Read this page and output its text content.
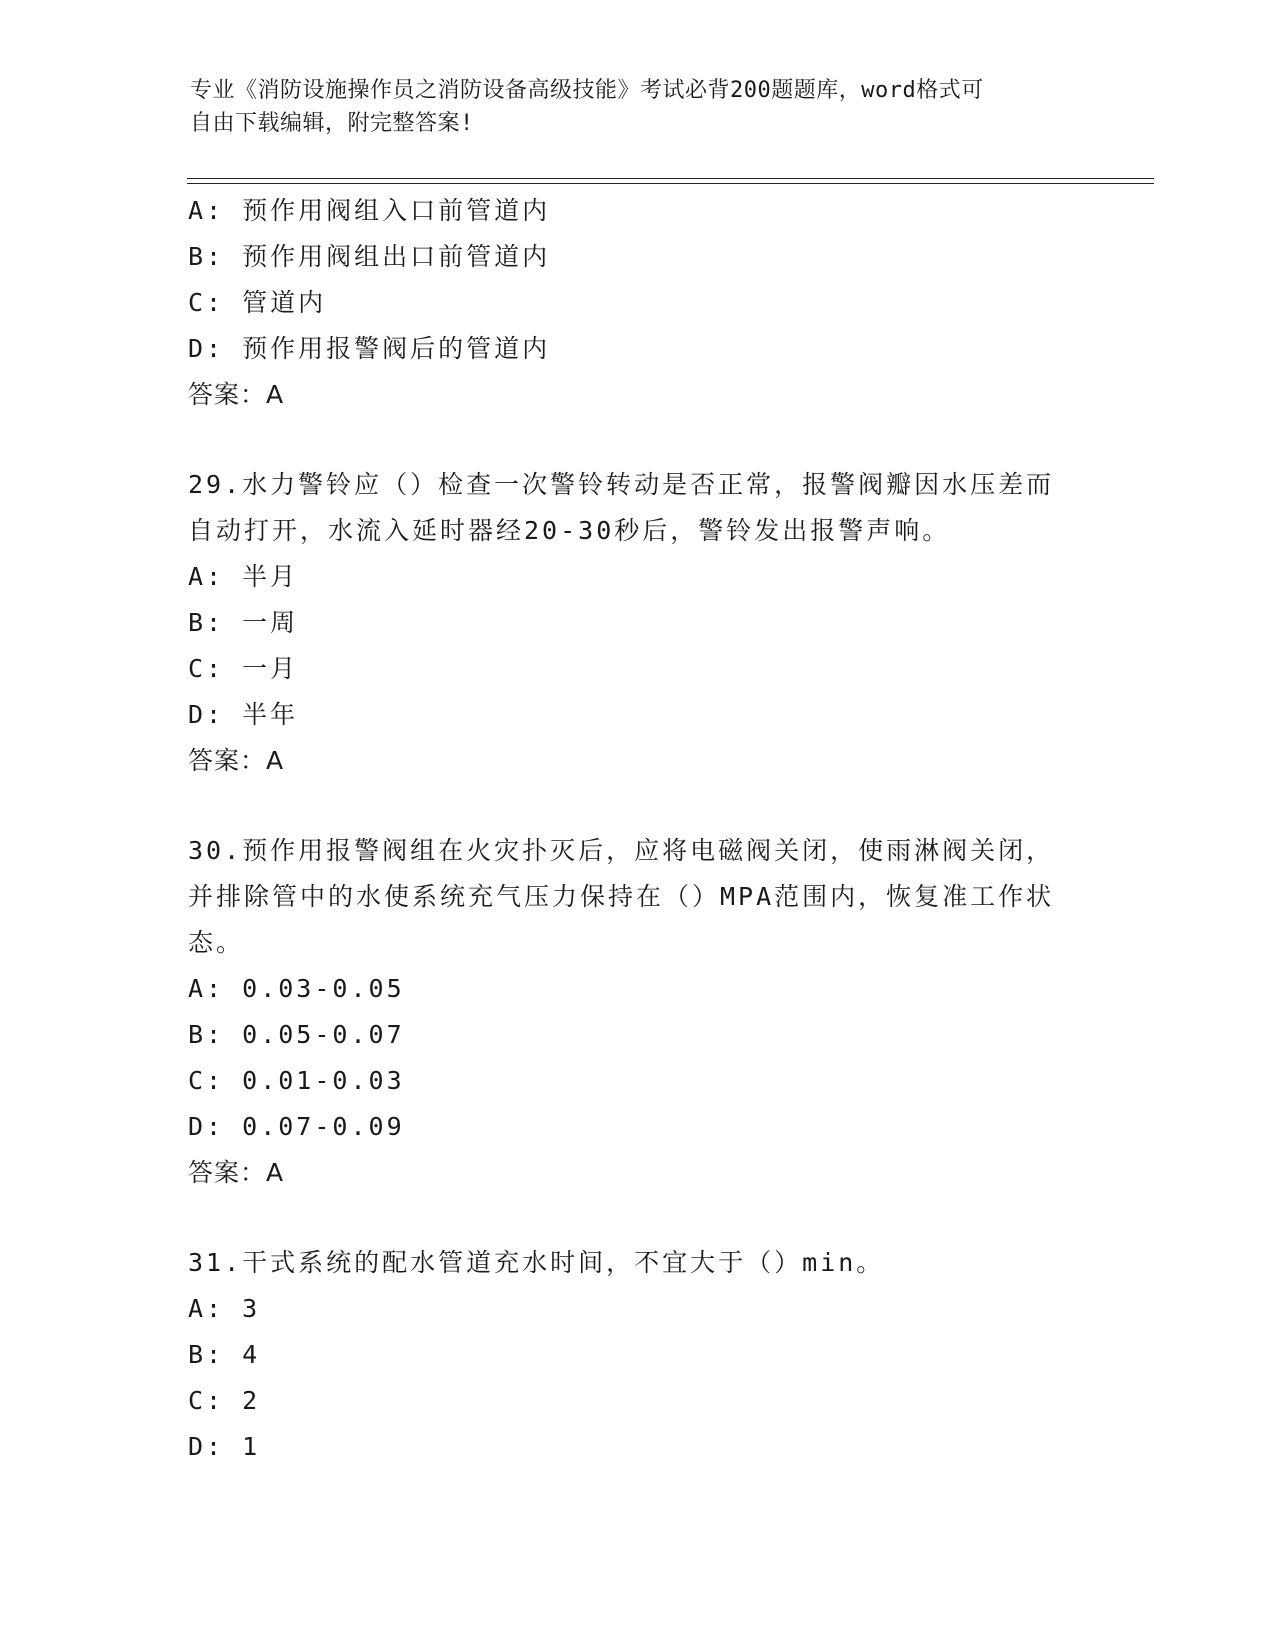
专业《消防设施操作员之消防设备高级技能》考试必背200题题库，word格式可
自由下载编辑，附完整答案!
A: 预作用阀组入口前管道内
B: 预作用阀组出口前管道内
C: 管道内
D: 预作用报警阀后的管道内
答案：A
29.水力警铃应（）检查一次警铃转动是否正常，报警阀瓣因水压差而
自动打开，水流入延时器经20-30秒后，警铃发出报警声响。
A: 半月
B: 一周
C: 一月
D: 半年
答案：A
30.预作用报警阀组在火灾扑灭后，应将电磁阀关闭，使雨淋阀关闭，
并排除管中的水使系统充气压力保持在（）MPA范围内，恢复准工作状
态。
A: 0.03-0.05
B: 0.05-0.07
C: 0.01-0.03
D: 0.07-0.09
答案：A
31.干式系统的配水管道充水时间，不宜大于（）min。
A: 3
B: 4
C: 2
D: 1
